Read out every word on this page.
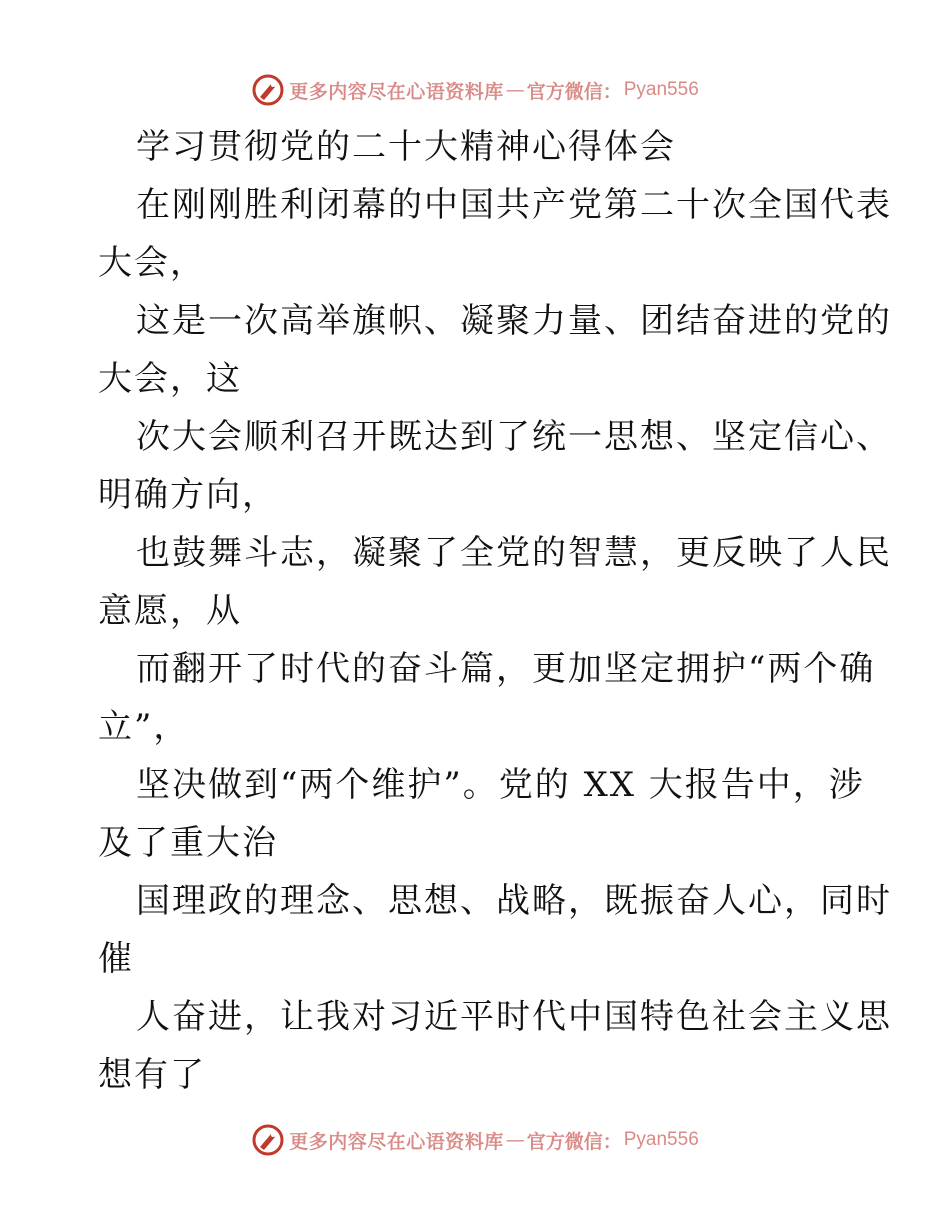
更多内容尽在心语资料库 — 官方微信： Pyan556
学习贯彻党的二十大精神心得体会
在刚刚胜利闭幕的中国共产党第二十次全国代表
大会，
这是一次高举旗帜、凝聚力量、团结奋进的党的
大会，这
次大会顺利召开既达到了统一思想、坚定信心、
明确方向，
也鼓舞斗志，凝聚了全党的智慧，更反映了人民
意愿，从
而翻开了时代的奋斗篇，更加坚定拥护“两个确
立”，
坚决做到“两个维护”。党的 XX 大报告中，涉
及了重大治
国理政的理念、思想、战略，既振奋人心，同时
催
人奋进，让我对习近平时代中国特色社会主义思
想有了
更多内容尽在心语资料库 — 官方微信： Pyan556
